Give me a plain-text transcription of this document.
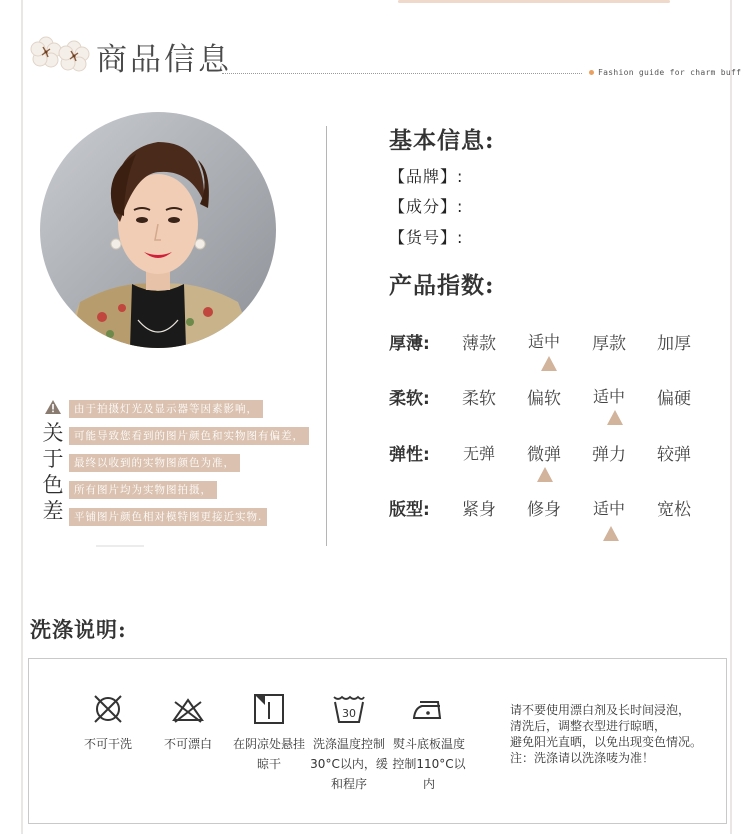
商品信息	Fashion guide for charm buff
关
于
色
差
由于拍摄灯光及显示器等因素影响，
可能导致您看到的图片颜色和实物图有偏差，
最终以收到的实物图颜色为准，
所有图片均为实物图拍摄，
平铺图片颜色相对模特图更接近实物.
基本信息:
【品牌】:
【成分】:
【货号】:
产品指数:
厚薄:	薄款	适中	厚款	加厚
柔软:	柔软	偏软	适中	偏硬
弹性:	无弹	微弹	弹力	较弹
版型:	紧身	修身	适中	宽松
洗涤说明:
30
不可干洗	不可漂白	在阴凉处悬挂
晾干
洗涤温度控制
30°C以内，缓
和程序
熨斗底板温度
控制110°C以
内
请不要使用漂白剂及长时间浸泡，
清洗后，调整衣型进行晾晒，
避免阳光直晒，以免出现变色情况。
注：洗涤请以洗涤唛为准！
